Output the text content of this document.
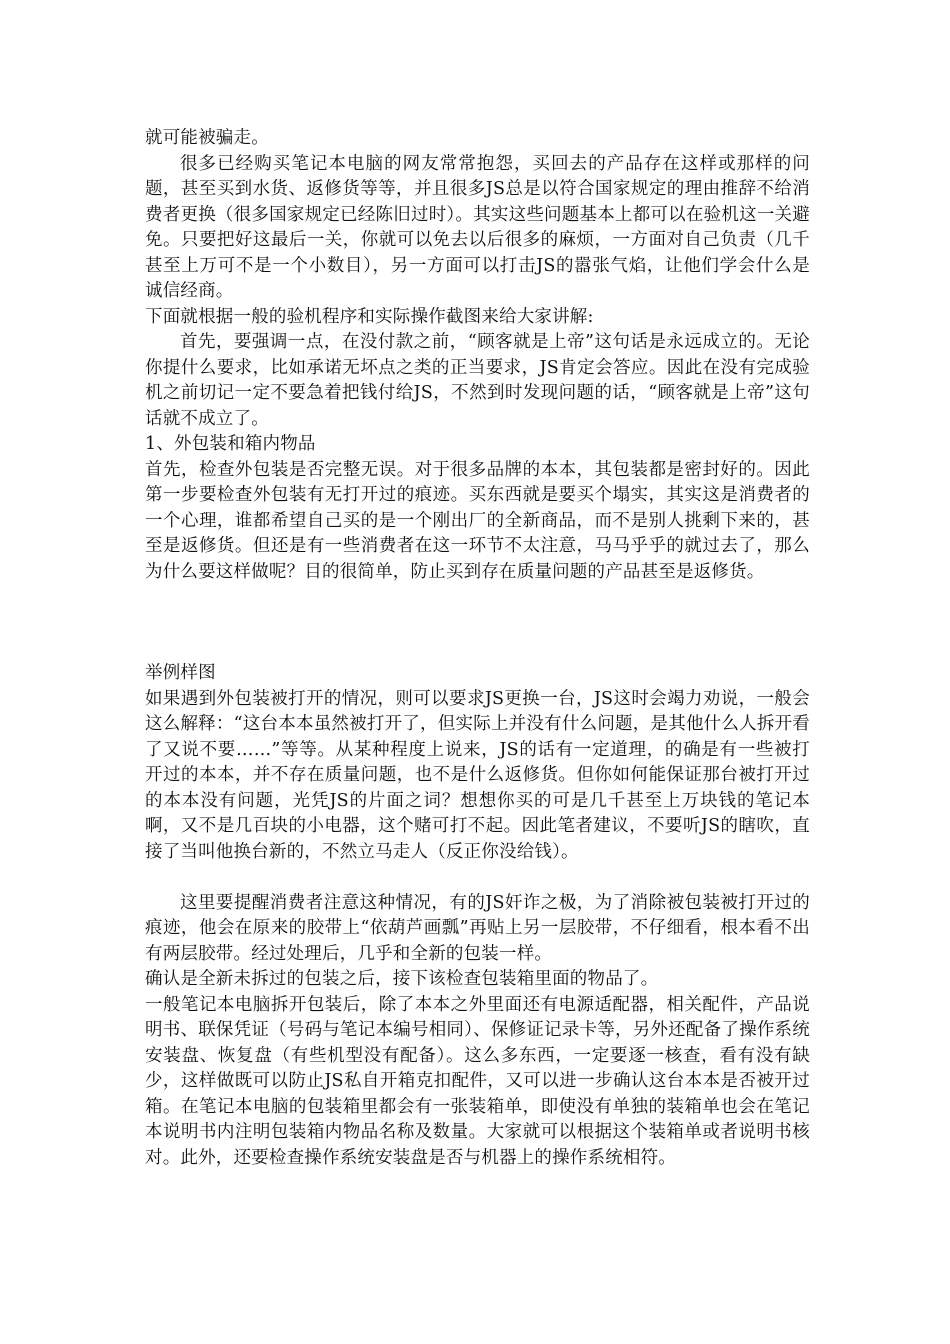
就可能被骗走。

很多已经购买笔记本电脑的网友常常抱怨，买回去的产品存在这样或那样的问题，甚至买到水货、返修货等等，并且很多JS总是以符合国家规定的理由推辞不给消费者更换（很多国家规定已经陈旧过时）。其实这些问题基本上都可以在验机这一关避免。只要把好这最后一关，你就可以免去以后很多的麻烦，一方面对自己负责（几千甚至上万可不是一个小数目），另一方面可以打击JS的嚣张气焰，让他们学会什么是诚信经商。

下面就根据一般的验机程序和实际操作截图来给大家讲解:

首先，要强调一点，在没付款之前，“顾客就是上帝”这句话是永远成立的。无论你提什么要求，比如承诺无坏点之类的正当要求，JS肯定会答应。因此在没有完成验机之前切记一定不要急着把钱付给JS，不然到时发现问题的话，“顾客就是上帝”这句话就不成立了。

1、外包装和箱内物品

首先，检查外包装是否完整无误。对于很多品牌的本本，其包装都是密封好的。因此第一步要检查外包装有无打开过的痕迹。买东西就是要买个塌实，其实这是消费者的一个心理，谁都希望自己买的是一个刚出厂的全新商品，而不是别人挑剩下来的，甚至是返修货。但还是有一些消费者在这一环节不太注意，马马乎乎的就过去了，那么为什么要这样做呢？目的很简单，防止买到存在质量问题的产品甚至是返修货。

举例样图

如果遇到外包装被打开的情况，则可以要求JS更换一台，JS这时会竭力劝说，一般会这么解释：“这台本本虽然被打开了，但实际上并没有什么问题，是其他什么人拆开看了又说不要……”等等。从某种程度上说来，JS的话有一定道理，的确是有一些被打开过的本本，并不存在质量问题，也不是什么返修货。但你如何能保证那台被打开过的本本没有问题，光凭JS的片面之词？想想你买的可是几千甚至上万块钱的笔记本啊，又不是几百块的小电器，这个赌可打不起。因此笔者建议，不要听JS的瞎吹，直接了当叫他换台新的，不然立马走人（反正你没给钱）。

这里要提醒消费者注意这种情况，有的JS奸诈之极，为了消除被包装被打开过的痕迹，他会在原来的胶带上“依葫芦画瓢”再贴上另一层胶带，不仔细看，根本看不出有两层胶带。经过处理后，几乎和全新的包装一样。

确认是全新未拆过的包装之后，接下该检查包装箱里面的物品了。

一般笔记本电脑拆开包装后，除了本本之外里面还有电源适配器，相关配件，产品说明书、联保凭证（号码与笔记本编号相同）、保修证记录卡等，另外还配备了操作系统安装盘、恢复盘（有些机型没有配备）。这么多东西，一定要逐一核查，看有没有缺少，这样做既可以防止JS私自开箱克扣配件，又可以进一步确认这台本本是否被开过箱。在笔记本电脑的包装箱里都会有一张装箱单，即使没有单独的装箱单也会在笔记本说明书内注明包装箱内物品名称及数量。大家就可以根据这个装箱单或者说明书核对。此外，还要检查操作系统安装盘是否与机器上的操作系统相符。
